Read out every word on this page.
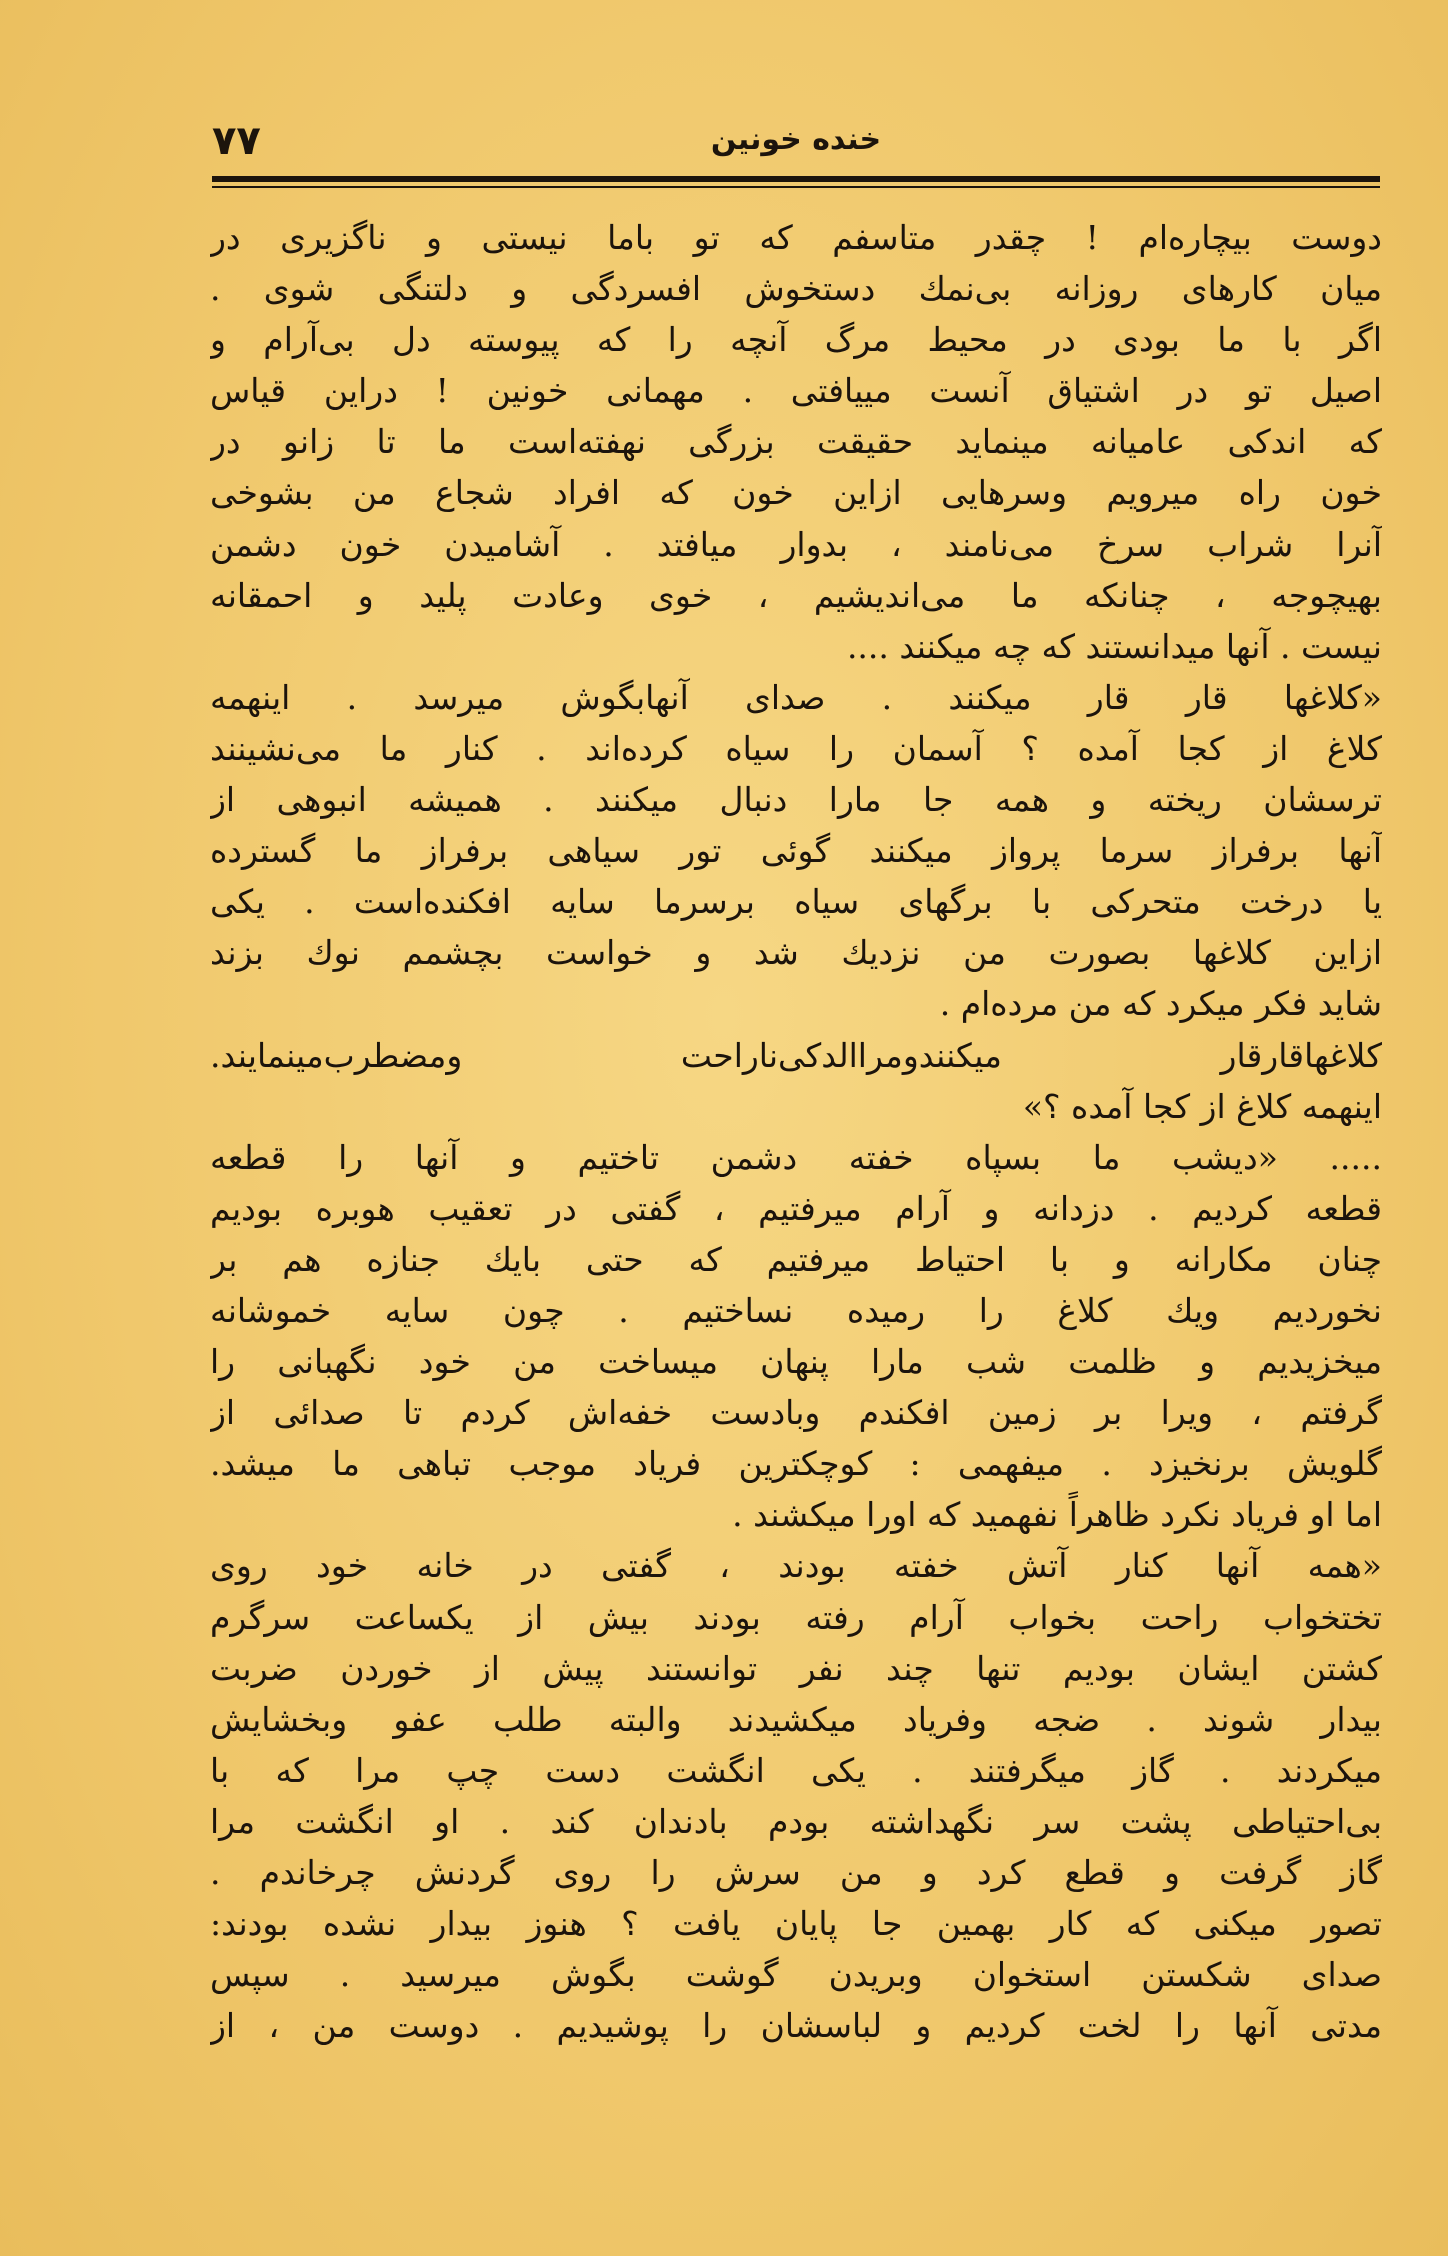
۷۷	خنده خونین
دوست بیچاره‌ام ! چقدر متاسفم که تو باما نیستی و ناگزیری در
میان کارهای روزانه بی‌نمك دستخوش افسردگی و دلتنگی شوی .
اگر با ما بودی در محیط مرگ آنچه را که پیوسته دل بی‌آرام و
اصیل تو در اشتیاق آنست مییافتی . مهمانی خونین ! دراین قیاس
که اندکی عامیانه مینماید حقیقت بزرگی نهفته‌است ما تا زانو در
خون راه میرویم وسرهایی ازاین خون که افراد شجاع من بشوخی
آنرا شراب سرخ می‌نامند ، بدوار میافتد . آشامیدن خون دشمن
بهیچوجه ، چنانکه ما می‌اندیشیم ، خوی وعادت پلید و احمقانه
نیست . آنها میدانستند که چه میکنند ....
«کلاغها قار قار میکنند . صدای آنهابگوش میرسد . اینهمه
کلاغ از کجا آمده ؟ آسمان را سیاه کرده‌اند . کنار ما می‌نشینند
ترسشان ریخته و همه جا مارا دنبال میکنند . همیشه انبوهی از
آنها برفراز سرما پرواز میکنند گوئی تور سیاهی برفراز ما گسترده
یا درخت متحرکی با برگهای سیاه برسرما سایه افکنده‌است . یکی
ازاین کلاغها بصورت من نزدیك شد و خواست بچشمم نوك بزند
شاید فکر میکرد که من مرده‌ام .
کلاغهاقارقار میکنندومراالدکی‌ناراحت ومضطرب‌مینمایند.
اینهمه کلاغ از کجا آمده ؟»
..... «دیشب ما بسپاه خفته دشمن تاختیم و آنها را قطعه
قطعه کردیم . دزدانه و آرام میرفتیم ، گفتی در تعقیب هوبره بودیم
چنان مکارانه و با احتیاط میرفتیم که حتی بایك جنازه هم بر
نخوردیم ویك کلاغ را رمیده نساختیم . چون سایه خموشانه
میخزیدیم و ظلمت شب مارا پنهان میساخت من خود نگهبانی را
گرفتم ، ویرا بر زمین افکندم وبادست خفه‌اش کردم تا صدائی از
گلویش برنخیزد . میفهمی : کوچکترین فریاد موجب تباهی ما میشد.
اما او فریاد نکرد ظاهراً نفهمید که اورا میکشند .
«همه آنها کنار آتش خفته بودند ، گفتی در خانه خود روی
تختخواب راحت بخواب آرام رفته بودند بیش از یکساعت سرگرم
کشتن ایشان بودیم تنها چند نفر توانستند پیش از خوردن ضربت
بیدار شوند . ضجه وفریاد میکشیدند والبته طلب عفو وبخشایش
میکردند . گاز میگرفتند . یکی انگشت دست چپ مرا که با
بی‌احتیاطی پشت سر نگهداشته بودم بادندان کند . او انگشت مرا
گاز گرفت و قطع کرد و من سرش را روی گردنش چرخاندم .
تصور میکنی که کار بهمین جا پایان یافت ؟ هنوز بیدار نشده بودند:
صدای شکستن استخوان وبریدن گوشت بگوش میرسید . سپس
مدتی آنها را لخت کردیم و لباسشان را پوشیدیم . دوست من ، از
